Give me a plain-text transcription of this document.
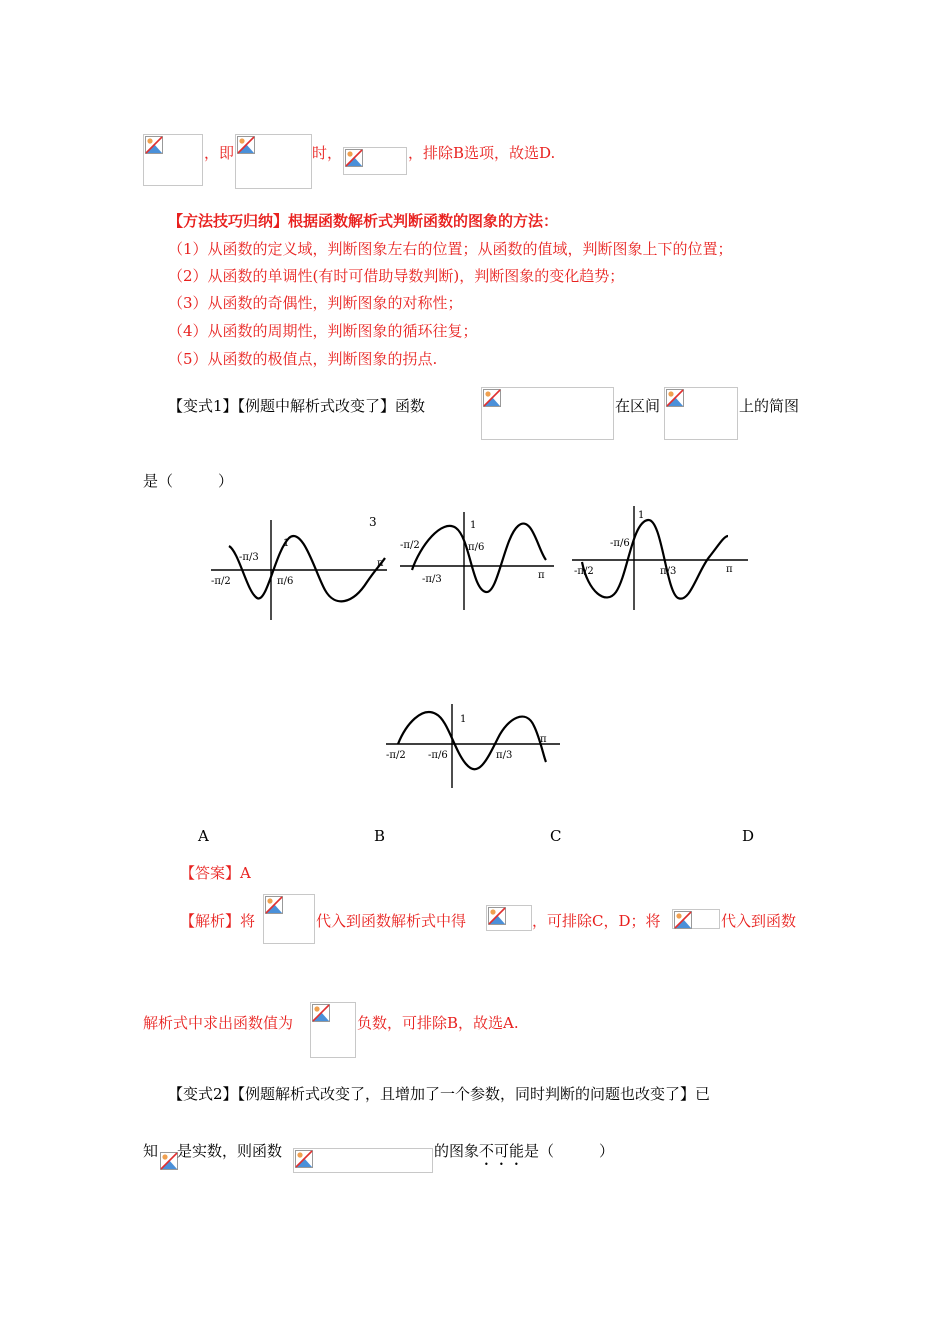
，即	时，	，排除B选项，故选D.
【方法技巧归纳】根据函数解析式判断函数的图象的方法：
（1）从函数的定义域，判断图象左右的位置；从函数的值域，判断图象上下的位置；
（2）从函数的单调性(有时可借助导数判断)，判断图象的变化趋势；
（3）从函数的奇偶性，判断图象的对称性；
（4）从函数的周期性，判断图象的循环往复；
（5）从函数的极值点，判断图象的拐点.
【变式1】【例题中解析式改变了】函数	在区间	上的简图
是（　　　）
-π/3
-π/2	π/6
π
1
3
-π/2
-π/3
π/6
π
1
-π/6
-π/2	π/3	π
1
-π/2 -π/6	π/3
π
1
A	B	C	D
【答案】A
【解析】将	代入到函数解析式中得	，可排除C，D；将	代入到函数
解析式中求出函数值为	负数，可排除B，故选A.
【变式2】【例题解析式改变了，且增加了一个参数，同时判断的问题也改变了】已
知 是实数，则函数	的图象不可能是（　　　）
